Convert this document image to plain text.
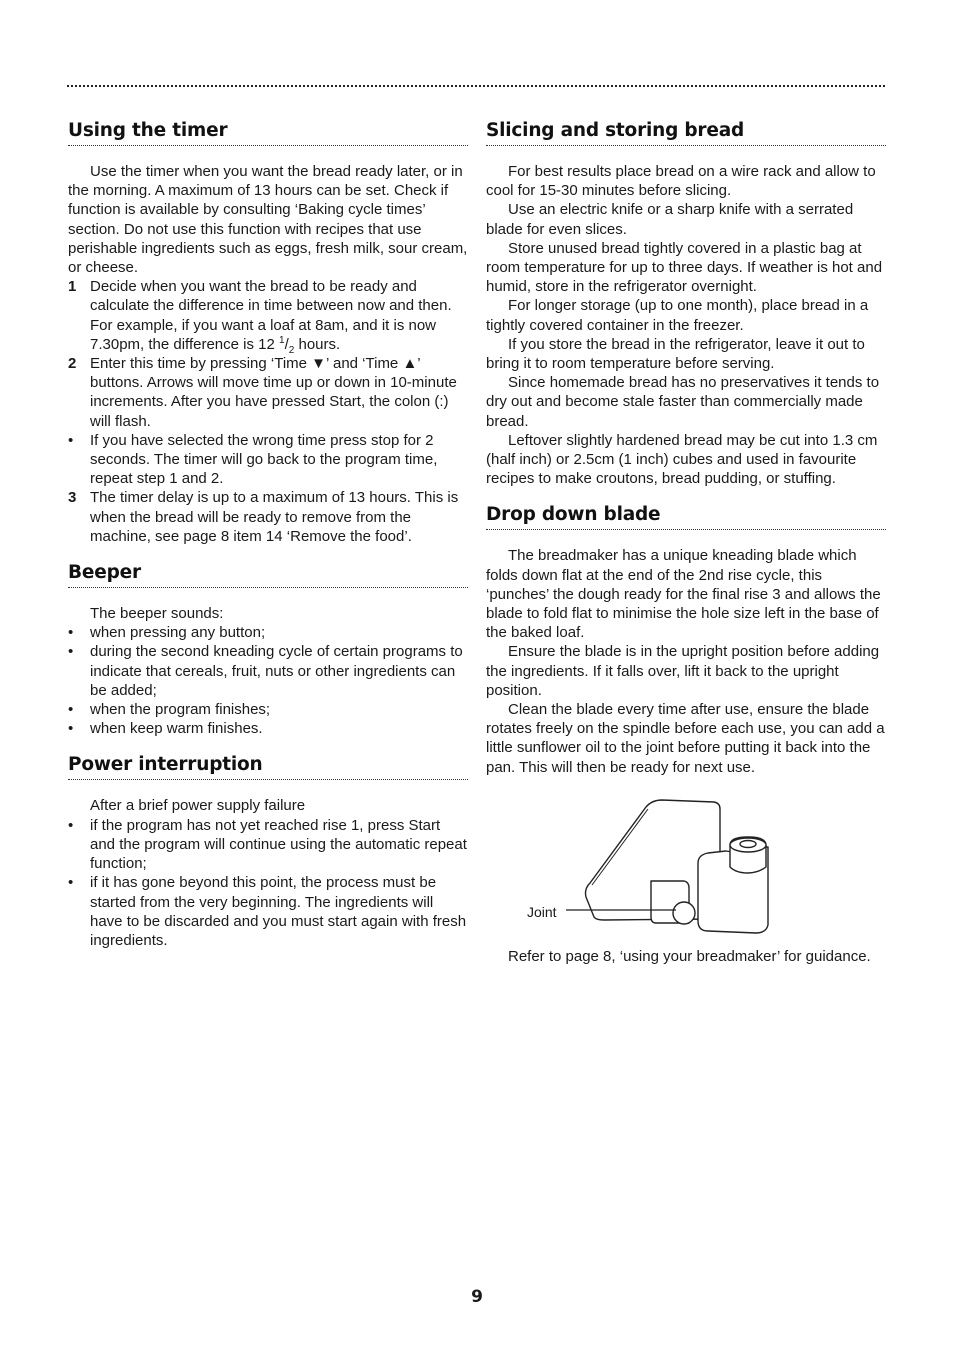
Using the timer

Use the timer when you want the bread ready later, or in the morning. A maximum of 13 hours can be set. Check if function is available by consulting ‘Baking cycle times’ section. Do not use this function with recipes that use perishable ingredients such as eggs, fresh milk, sour cream, or cheese.

1 Decide when you want the bread to be ready and calculate the difference in time between now and then. For example, if you want a loaf at 8am, and it is now 7.30pm, the difference is 12 $^1/_2$ hours.
2 Enter this time by pressing ‘Time ▼’ and ‘Time ▲’ buttons. Arrows will move time up or down in 10-minute increments. After you have pressed Start, the colon (:) will flash.
• If you have selected the wrong time press stop for 2 seconds. The timer will go back to the program time, repeat step 1 and 2.
3 The timer delay is up to a maximum of 13 hours. This is when the bread will be ready to remove from the machine, see page 8 item 14 ‘Remove the food’.
Beeper

The beeper sounds:

• when pressing any button;
• during the second kneading cycle of certain programs to indicate that cereals, fruit, nuts or other ingredients can be added;
• when the program finishes;
• when keep warm finishes.
Power interruption

After a brief power supply failure

• if the program has not yet reached rise 1, press Start and the program will continue using the automatic repeat function;
• if it has gone beyond this point, the process must be started from the very beginning. The ingredients will have to be discarded and you must start again with fresh ingredients.
Slicing and storing bread

For best results place bread on a wire rack and allow to cool for 15-30 minutes before slicing.

Use an electric knife or a sharp knife with a serrated blade for even slices.

Store unused bread tightly covered in a plastic bag at room temperature for up to three days. If weather is hot and humid, store in the refrigerator overnight.

For longer storage (up to one month), place bread in a tightly covered container in the freezer.

If you store the bread in the refrigerator, leave it out to bring it to room temperature before serving.

Since homemade bread has no preservatives it tends to dry out and become stale faster than commercially made bread.

Leftover slightly hardened bread may be cut into 1.3 cm (half inch) or 2.5cm (1 inch) cubes and used in favourite recipes to make croutons, bread pudding, or stuffing.

Drop down blade

The breadmaker has a unique kneading blade which folds down flat at the end of the 2nd rise cycle, this ‘punches’ the dough ready for the final rise 3 and allows the blade to fold flat to minimise the hole size left in the base of the baked loaf.

Ensure the blade is in the upright position before adding the ingredients. If it falls over, lift it back to the upright position.

Clean the blade every time after use, ensure the blade rotates freely on the spindle before each use, you can add a little sunflower oil to the joint before putting it back into the pan. This will then be ready for next use.

Joint

Refer to page 8, ‘using your breadmaker’ for guidance.

9
